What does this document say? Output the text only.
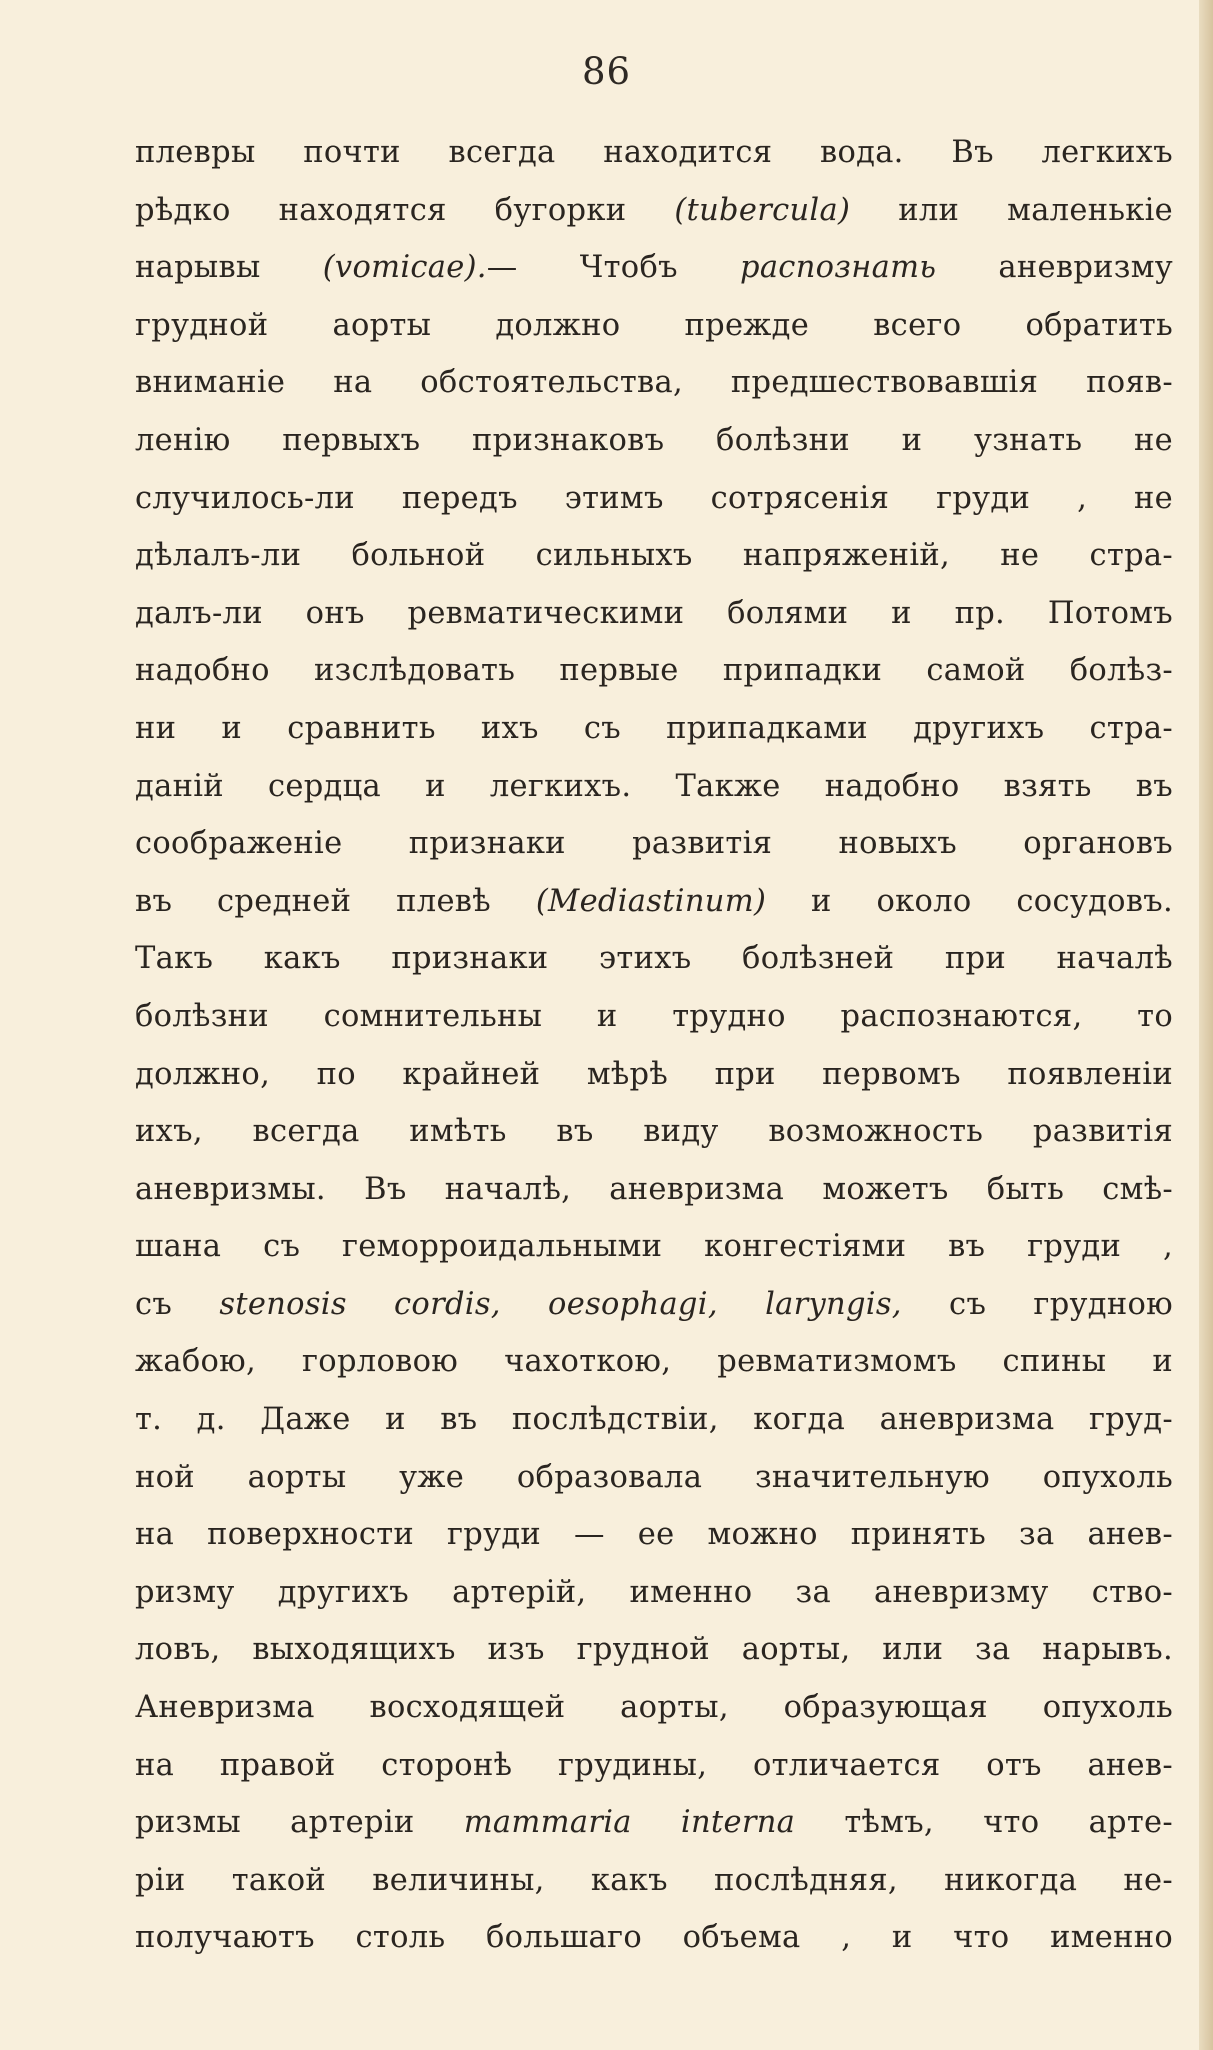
86
плевры почти всегда находится вода. Въ легкихъ
рѣдко находятся бугорки (tubercula) или маленькіе
нарывы (vomicae).— Чтобъ распознать аневризму
грудной аорты должно прежде всего обратить
вниманіе на обстоятельства, предшествовавшія появ-
ленію первыхъ признаковъ болѣзни и узнать не
случилось-ли передъ этимъ сотрясенія груди , не
дѣлалъ-ли больной сильныхъ напряженій, не стра-
далъ-ли онъ ревматическими болями и пр. Потомъ
надобно изслѣдовать первые припадки самой болѣз-
ни и сравнить ихъ съ припадками другихъ стра-
даній сердца и легкихъ. Также надобно взять въ
соображеніе признаки развитія новыхъ органовъ
въ средней плевѣ (Mediastinum) и около сосудовъ.
Такъ какъ признаки этихъ болѣзней при началѣ
болѣзни сомнительны и трудно распознаются, то
должно, по крайней мѣрѣ при первомъ появленіи
ихъ, всегда имѣть въ виду возможность развитія
аневризмы. Въ началѣ, аневризма можетъ быть смѣ-
шана съ геморроидальными конгестіями въ груди ,
съ stenosis cordis, oesophagi, laryngis, съ грудною
жабою, горловою чахоткою, ревматизмомъ спины и
т. д. Даже и въ послѣдствіи, когда аневризма груд-
ной аорты уже образовала значительную опухоль
на поверхности груди — ее можно принять за анев-
ризму другихъ артерій, именно за аневризму ство-
ловъ, выходящихъ изъ грудной аорты, или за нарывъ.
Аневризма восходящей аорты, образующая опухоль
на правой сторонѣ грудины, отличается отъ анев-
ризмы артеріи mammaria interna тѣмъ, что арте-
ріи такой величины, какъ послѣдняя, никогда не-
получаютъ столь большаго объема , и что именно
